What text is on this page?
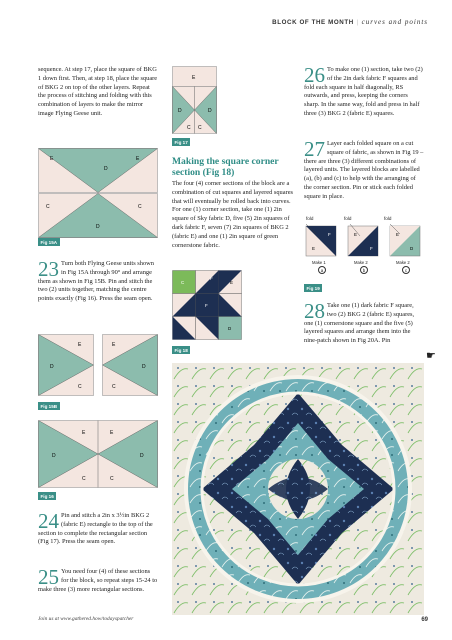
BLOCK OF THE MONTH | curves and points
sequence. At step 17, place the square of BKG 1 down first. Then, at step 18, place the square of BKG 2 on top of the other layers. Repeat the process of stitching and folding with this combination of layers to make the mirror image Flying Geese unit.
E
D
E
C	C
D
Fig 15A
23 Turn both Flying Geese units shown in Fig 15A through 90° and arrange them as shown in Fig 15B. Pin and stitch the two (2) units together, matching the centre points exactly (Fig 16). Press the seam open.
E
D	D
E
C	C
Fig 15B
E	E
D	D
C	C
Fig 16
24 Pin and stitch a 2in x 3½in BKG 2 (fabric E) rectangle to the top of the section to complete the rectangular section (Fig 17). Press the seam open.
25 You need four (4) of these sections for the block, so repeat steps 15-24 to make three (3) more rectangular sections.
E
D	D
C C
Fig 17
Making the square corner section (Fig 18)
The four (4) corner sections of the block are a combination of cut squares and layered squares that will eventually be rolled back into curves. For one (1) corner section, take one (1) 2in square of Sky fabric D, five (5) 2in squares of dark fabric F, seven (7) 2in squares of BKG 2 (fabric E) and one (1) 2in square of green cornerstone fabric.
C
F
E
F
D
Fig 18
26 To make one (1) section, take two (2) of the 2in dark fabric F squares and fold each square in half diagonally, RS outwards, and press, keeping the corners sharp. In the same way, fold and press in half three (3) BKG 2 (fabric E) squares.
27 Layer each folded square on a cut square of fabric, as shown in Fig 19 – there are three (3) different combinations of layered units. The layered blocks are labelled (a), (b) and (c) to help with the arranging of the corner section. Pin or stick each folded square in place.
fold	fold	fold
E
F	E
F
E
D
Make 1	Make 2	Make 2
a	b	c
Fig 19
28 Take one (1) dark fabric F square, two (2) BKG 2 (fabric E) squares, one (1) cornerstone square and the five (5) layered squares and arrange them into the nine-patch shown in Fig 20A. Pin
☛
Join us at www.gathered.how/todayspatcher	69
